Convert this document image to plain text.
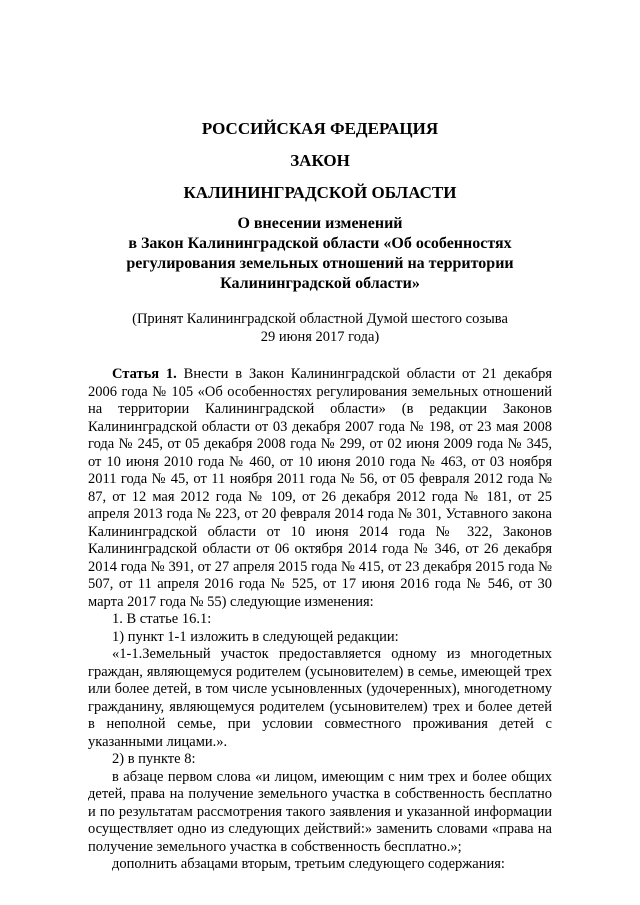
РОССИЙСКАЯ ФЕДЕРАЦИЯ
ЗАКОН
КАЛИНИНГРАДСКОЙ ОБЛАСТИ
О внесении изменений
в Закон Калининградской области «Об особенностях
регулирования земельных отношений на территории
Калининградской области»
(Принят Калининградской областной Думой шестого созыва
29 июня 2017 года)

Статья 1. Внести в Закон Калининградской области от 21 декабря 2006 года № 105 «Об особенностях регулирования земельных отношений на территории Калининградской области» (в редакции Законов Калининградской области от 03 декабря 2007 года № 198, от 23 мая 2008 года № 245, от 05 декабря 2008 года № 299, от 02 июня 2009 года № 345, от 10 июня 2010 года № 460, от 10 июня 2010 года № 463, от 03 ноября 2011 года № 45, от 11 ноября 2011 года № 56, от 05 февраля 2012 года № 87, от 12 мая 2012 года № 109, от 26 декабря 2012 года № 181, от 25 апреля 2013 года № 223, от 20 февраля 2014 года № 301, Уставного закона Калининградской области от 10 июня 2014 года № 322, Законов Калининградской области от 06 октября 2014 года № 346, от 26 декабря 2014 года № 391, от 27 апреля 2015 года № 415, от 23 декабря 2015 года № 507, от 11 апреля 2016 года № 525, от 17 июня 2016 года № 546, от 30 марта 2017 года № 55) следующие изменения:

1. В статье 16.1:

1) пункт 1-1 изложить в следующей редакции:

«1-1.Земельный участок предоставляется одному из многодетных граждан, являющемуся родителем (усыновителем) в семье, имеющей трех или более детей, в том числе усыновленных (удочеренных), многодетному гражданину, являющемуся родителем (усыновителем) трех и более детей в неполной семье, при условии совместного проживания детей с указанными лицами.».

2) в пункте 8:

в абзаце первом слова «и лицом, имеющим с ним трех и более общих детей, права на получение земельного участка в собственность бесплатно и по результатам рассмотрения такого заявления и указанной информации осуществляет одно из следующих действий:» заменить словами «права на получение земельного участка в собственность бесплатно.»;

дополнить абзацами вторым, третьим следующего содержания:
